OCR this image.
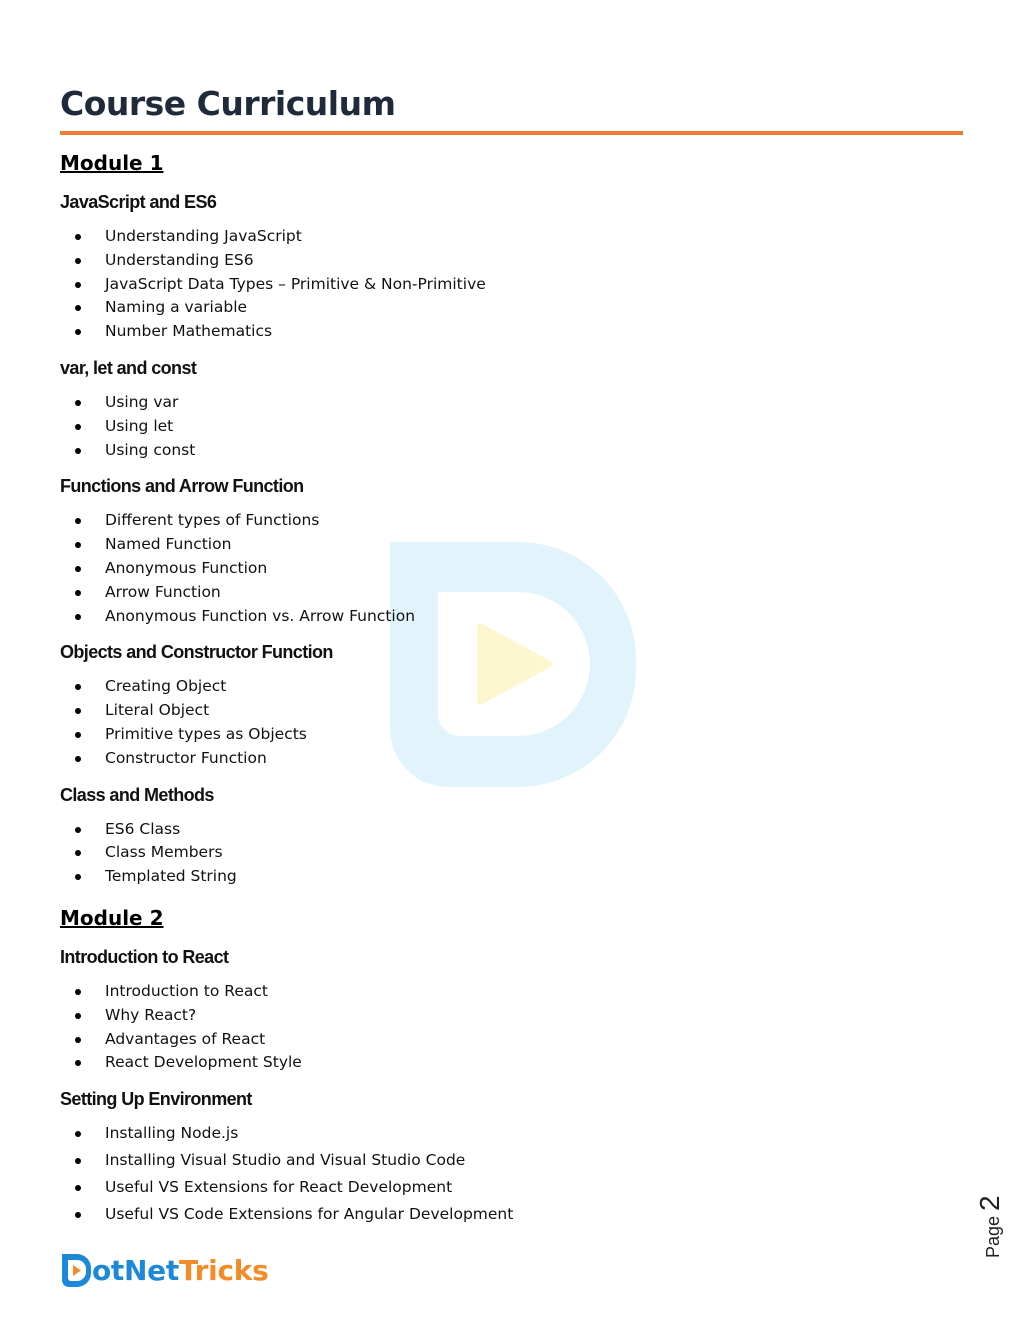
Course Curriculum
Module 1
JavaScript and ES6
Understanding JavaScript
Understanding ES6
JavaScript Data Types – Primitive & Non-Primitive
Naming a variable
Number Mathematics
var, let and const
Using var
Using let
Using const
Functions and Arrow Function
Different types of Functions
Named Function
Anonymous Function
Arrow Function
Anonymous Function vs. Arrow Function
Objects and Constructor Function
Creating Object
Literal Object
Primitive types as Objects
Constructor Function
Class and Methods
ES6 Class
Class Members
Templated String
Module 2
Introduction to React
Introduction to React
Why React?
Advantages of React
React Development Style
Setting Up Environment
Installing Node.js
Installing Visual Studio and Visual Studio Code
Useful VS Extensions for React Development
Useful VS Code Extensions for Angular Development
otNetTricks
Page 2
